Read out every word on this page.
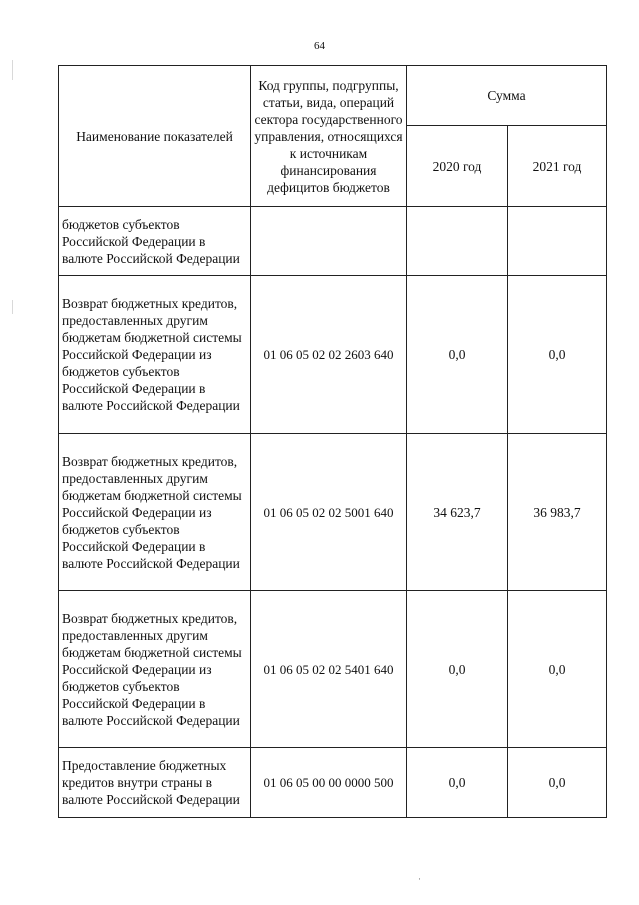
64
Наименование показателей	Код группы, подгруппы, статьи, вида, операций сектора государственного управления, относящихся к источникам финансирования дефицитов бюджетов	Сумма	
		2020 год	2021 год
бюджетов субъектов Российской Федерации в валюте Российской Федерации			
Возврат бюджетных кредитов, предоставленных другим бюджетам бюджетной системы Российской Федерации из бюджетов субъектов Российской Федерации в валюте Российской Федерации	01 06 05 02 02 2603 640	0,0	0,0
Возврат бюджетных кредитов, предоставленных другим бюджетам бюджетной системы Российской Федерации из бюджетов субъектов Российской Федерации в валюте Российской Федерации	01 06 05 02 02 5001 640	34 623,7	36 983,7
Возврат бюджетных кредитов, предоставленных другим бюджетам бюджетной системы Российской Федерации из бюджетов субъектов Российской Федерации в валюте Российской Федерации	01 06 05 02 02 5401 640	0,0	0,0
Предоставление бюджетных кредитов внутри страны в валюте Российской Федерации	01 06 05 00 00 0000 500	0,0	0,0
·
